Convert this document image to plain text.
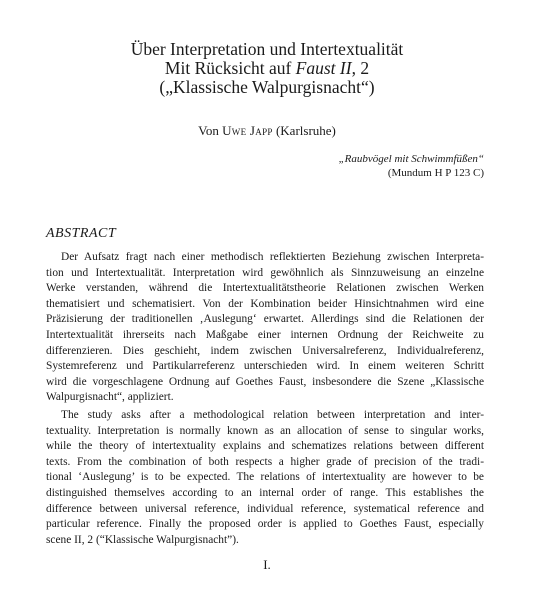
Über Interpretation und Intertextualität
Mit Rücksicht auf Faust II, 2
(„Klassische Walpurgisnacht“)
Von Uwe Japp (Karlsruhe)
„Raubvögel mit Schwimmfüßen“
(Mundum H P 123 C)
ABSTRACT
Der Aufsatz fragt nach einer methodisch reflektierten Beziehung zwischen Interpreta-
tion und Intertextualität. Interpretation wird gewöhnlich als Sinnzuweisung an einzelne
Werke verstanden, während die Intertextualitätstheorie Relationen zwischen Werken
thematisiert und schematisiert. Von der Kombination beider Hinsichtnahmen wird eine
Präzisierung der traditionellen ‚Auslegung‘ erwartet. Allerdings sind die Relationen der
Intertextualität ihrerseits nach Maßgabe einer internen Ordnung der Reichweite zu
differenzieren. Dies geschieht, indem zwischen Universalreferenz, Individualreferenz,
Systemreferenz und Partikularreferenz unterschieden wird. In einem weiteren Schritt
wird die vorgeschlagene Ordnung auf Goethes Faust, insbesondere die Szene „Klassische
Walpurgisnacht“, appliziert.
The study asks after a methodological relation between interpretation and inter-
textuality. Interpretation is normally known as an allocation of sense to singular works,
while the theory of intertextuality explains and schematizes relations between different
texts. From the combination of both respects a higher grade of precision of the tradi-
tional ‘Auslegung’ is to be expected. The relations of intertextuality are however to be
distinguished themselves according to an internal order of range. This establishes the
difference between universal reference, individual reference, systematical reference and
particular reference. Finally the proposed order is applied to Goethes Faust, especially
scene II, 2 (“Klassische Walpurgisnacht”).
I.
